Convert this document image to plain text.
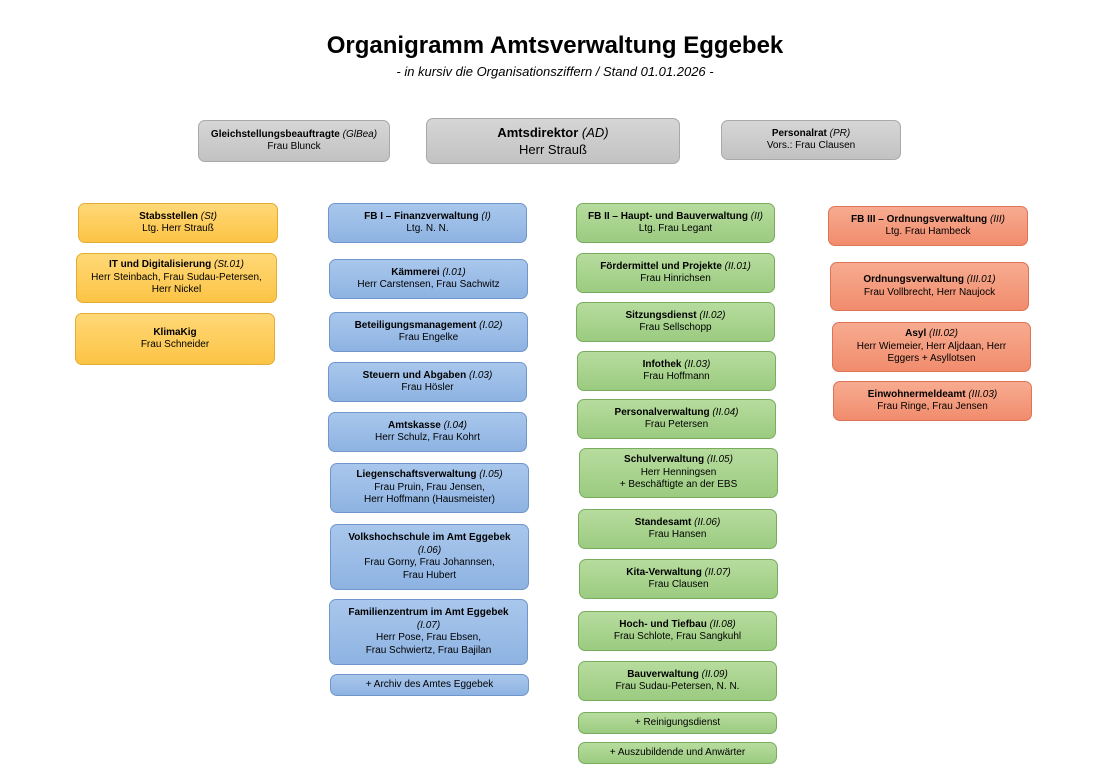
Organigramm Amtsverwaltung Eggebek
- in kursiv die Organisationsziffern / Stand 01.01.2026 -
Gleichstellungsbeauftragte (GlBea)
Frau Blunck
Amtsdirektor (AD)
Herr Strauß
Personalrat (PR)
Vors.: Frau Clausen
Stabsstellen (St)
Ltg. Herr Strauß
IT und Digitalisierung (St.01)
Herr Steinbach, Frau Sudau-Petersen,
Herr Nickel
KlimaKig
Frau Schneider
FB I – Finanzverwaltung (I)
Ltg. N. N.
Kämmerei (I.01)
Herr Carstensen, Frau Sachwitz
Beteiligungsmanagement (I.02)
Frau Engelke
Steuern und Abgaben (I.03)
Frau Hösler
Amtskasse (I.04)
Herr Schulz, Frau Kohrt
Liegenschaftsverwaltung (I.05)
Frau Pruin, Frau Jensen,
Herr Hoffmann (Hausmeister)
Volkshochschule im Amt Eggebek
(I.06)
Frau Gorny, Frau Johannsen,
Frau Hubert
Familienzentrum im Amt Eggebek
(I.07)
Herr Pose, Frau Ebsen,
Frau Schwiertz, Frau Bajilan
+ Archiv des Amtes Eggebek
FB II – Haupt- und Bauverwaltung (II)
Ltg. Frau Legant
Fördermittel und Projekte (II.01)
Frau Hinrichsen
Sitzungsdienst (II.02)
Frau Sellschopp
Infothek (II.03)
Frau Hoffmann
Personalverwaltung (II.04)
Frau Petersen
Schulverwaltung (II.05)
Herr Henningsen
+ Beschäftigte an der EBS
Standesamt (II.06)
Frau Hansen
Kita-Verwaltung (II.07)
Frau Clausen
Hoch- und Tiefbau (II.08)
Frau Schlote, Frau Sangkuhl
Bauverwaltung (II.09)
Frau Sudau-Petersen, N. N.
+ Reinigungsdienst
+ Auszubildende und Anwärter
FB III – Ordnungsverwaltung (III)
Ltg. Frau Hambeck
Ordnungsverwaltung (III.01)
Frau Vollbrecht, Herr Naujock
Asyl (III.02)
Herr Wiemeier, Herr Aljdaan, Herr
Eggers + Asyllotsen
Einwohnermeldeamt (III.03)
Frau Ringe, Frau Jensen
